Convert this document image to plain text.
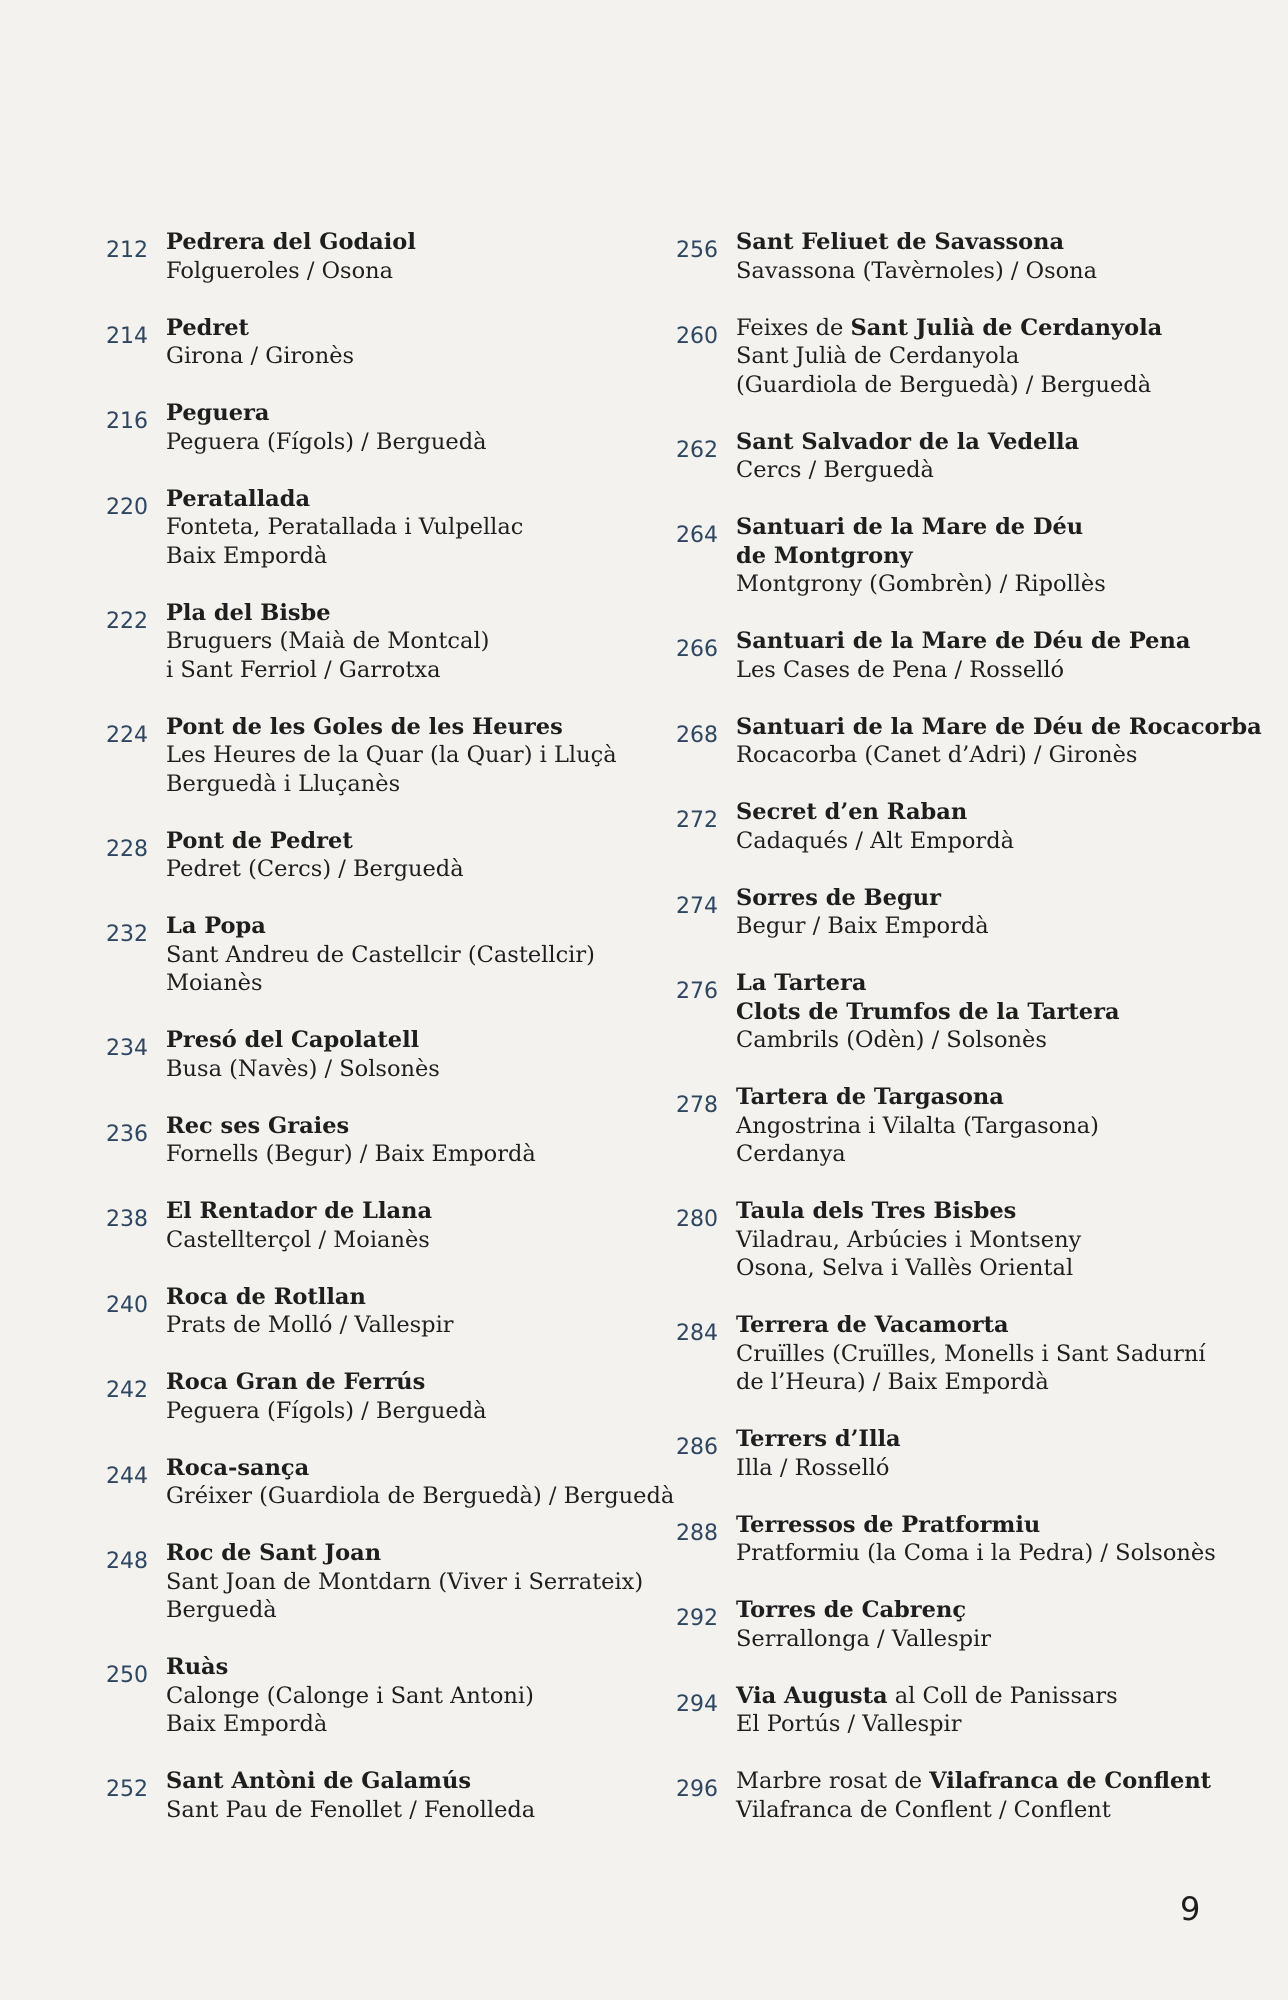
212 Pedrera del Godaiol
Folgueroles / Osona
214 Pedret
Girona / Gironès
216 Peguera
Peguera (Fígols) / Berguedà
220 Peratallada
Fonteta, Peratallada i Vulpellac
Baix Empordà
222 Pla del Bisbe
Bruguers (Maià de Montcal)
i Sant Ferriol / Garrotxa
224 Pont de les Goles de les Heures
Les Heures de la Quar (la Quar) i Lluçà
Berguedà i Lluçanès
228 Pont de Pedret
Pedret (Cercs) / Berguedà
232 La Popa
Sant Andreu de Castellcir (Castellcir)
Moianès
234 Presó del Capolatell
Busa (Navès) / Solsonès
236 Rec ses Graies
Fornells (Begur) / Baix Empordà
238 El Rentador de Llana
Castellterçol / Moianès
240 Roca de Rotllan
Prats de Molló / Vallespir
242 Roca Gran de Ferrús
Peguera (Fígols) / Berguedà
244 Roca-sança
Gréixer (Guardiola de Berguedà) / Berguedà
248 Roc de Sant Joan
Sant Joan de Montdarn (Viver i Serrateix)
Berguedà
250 Ruàs
Calonge (Calonge i Sant Antoni)
Baix Empordà
252 Sant Antòni de Galamús
Sant Pau de Fenollet / Fenolleda
256 Sant Feliuet de Savassona
Savassona (Tavèrnoles) / Osona
260 Feixes de Sant Julià de Cerdanyola
Sant Julià de Cerdanyola
(Guardiola de Berguedà) / Berguedà
262 Sant Salvador de la Vedella
Cercs / Berguedà
264 Santuari de la Mare de Déu
de Montgrony
Montgrony (Gombrèn) / Ripollès
266 Santuari de la Mare de Déu de Pena
Les Cases de Pena / Rosselló
268 Santuari de la Mare de Déu de Rocacorba
Rocacorba (Canet d’Adri) / Gironès
272 Secret d’en Raban
Cadaqués / Alt Empordà
274 Sorres de Begur
Begur / Baix Empordà
276 La Tartera
Clots de Trumfos de la Tartera
Cambrils (Odèn) / Solsonès
278 Tartera de Targasona
Angostrina i Vilalta (Targasona)
Cerdanya
280 Taula dels Tres Bisbes
Viladrau, Arbúcies i Montseny
Osona, Selva i Vallès Oriental
284 Terrera de Vacamorta
Cruïlles (Cruïlles, Monells i Sant Sadurní
de l’Heura) / Baix Empordà
286 Terrers d’Illa
Illa / Rosselló
288 Terressos de Pratformiu
Pratformiu (la Coma i la Pedra) / Solsonès
292 Torres de Cabrenç
Serrallonga / Vallespir
294 Via Augusta al Coll de Panissars
El Portús / Vallespir
296 Marbre rosat de Vilafranca de Conflent
Vilafranca de Conflent / Conflent
9
